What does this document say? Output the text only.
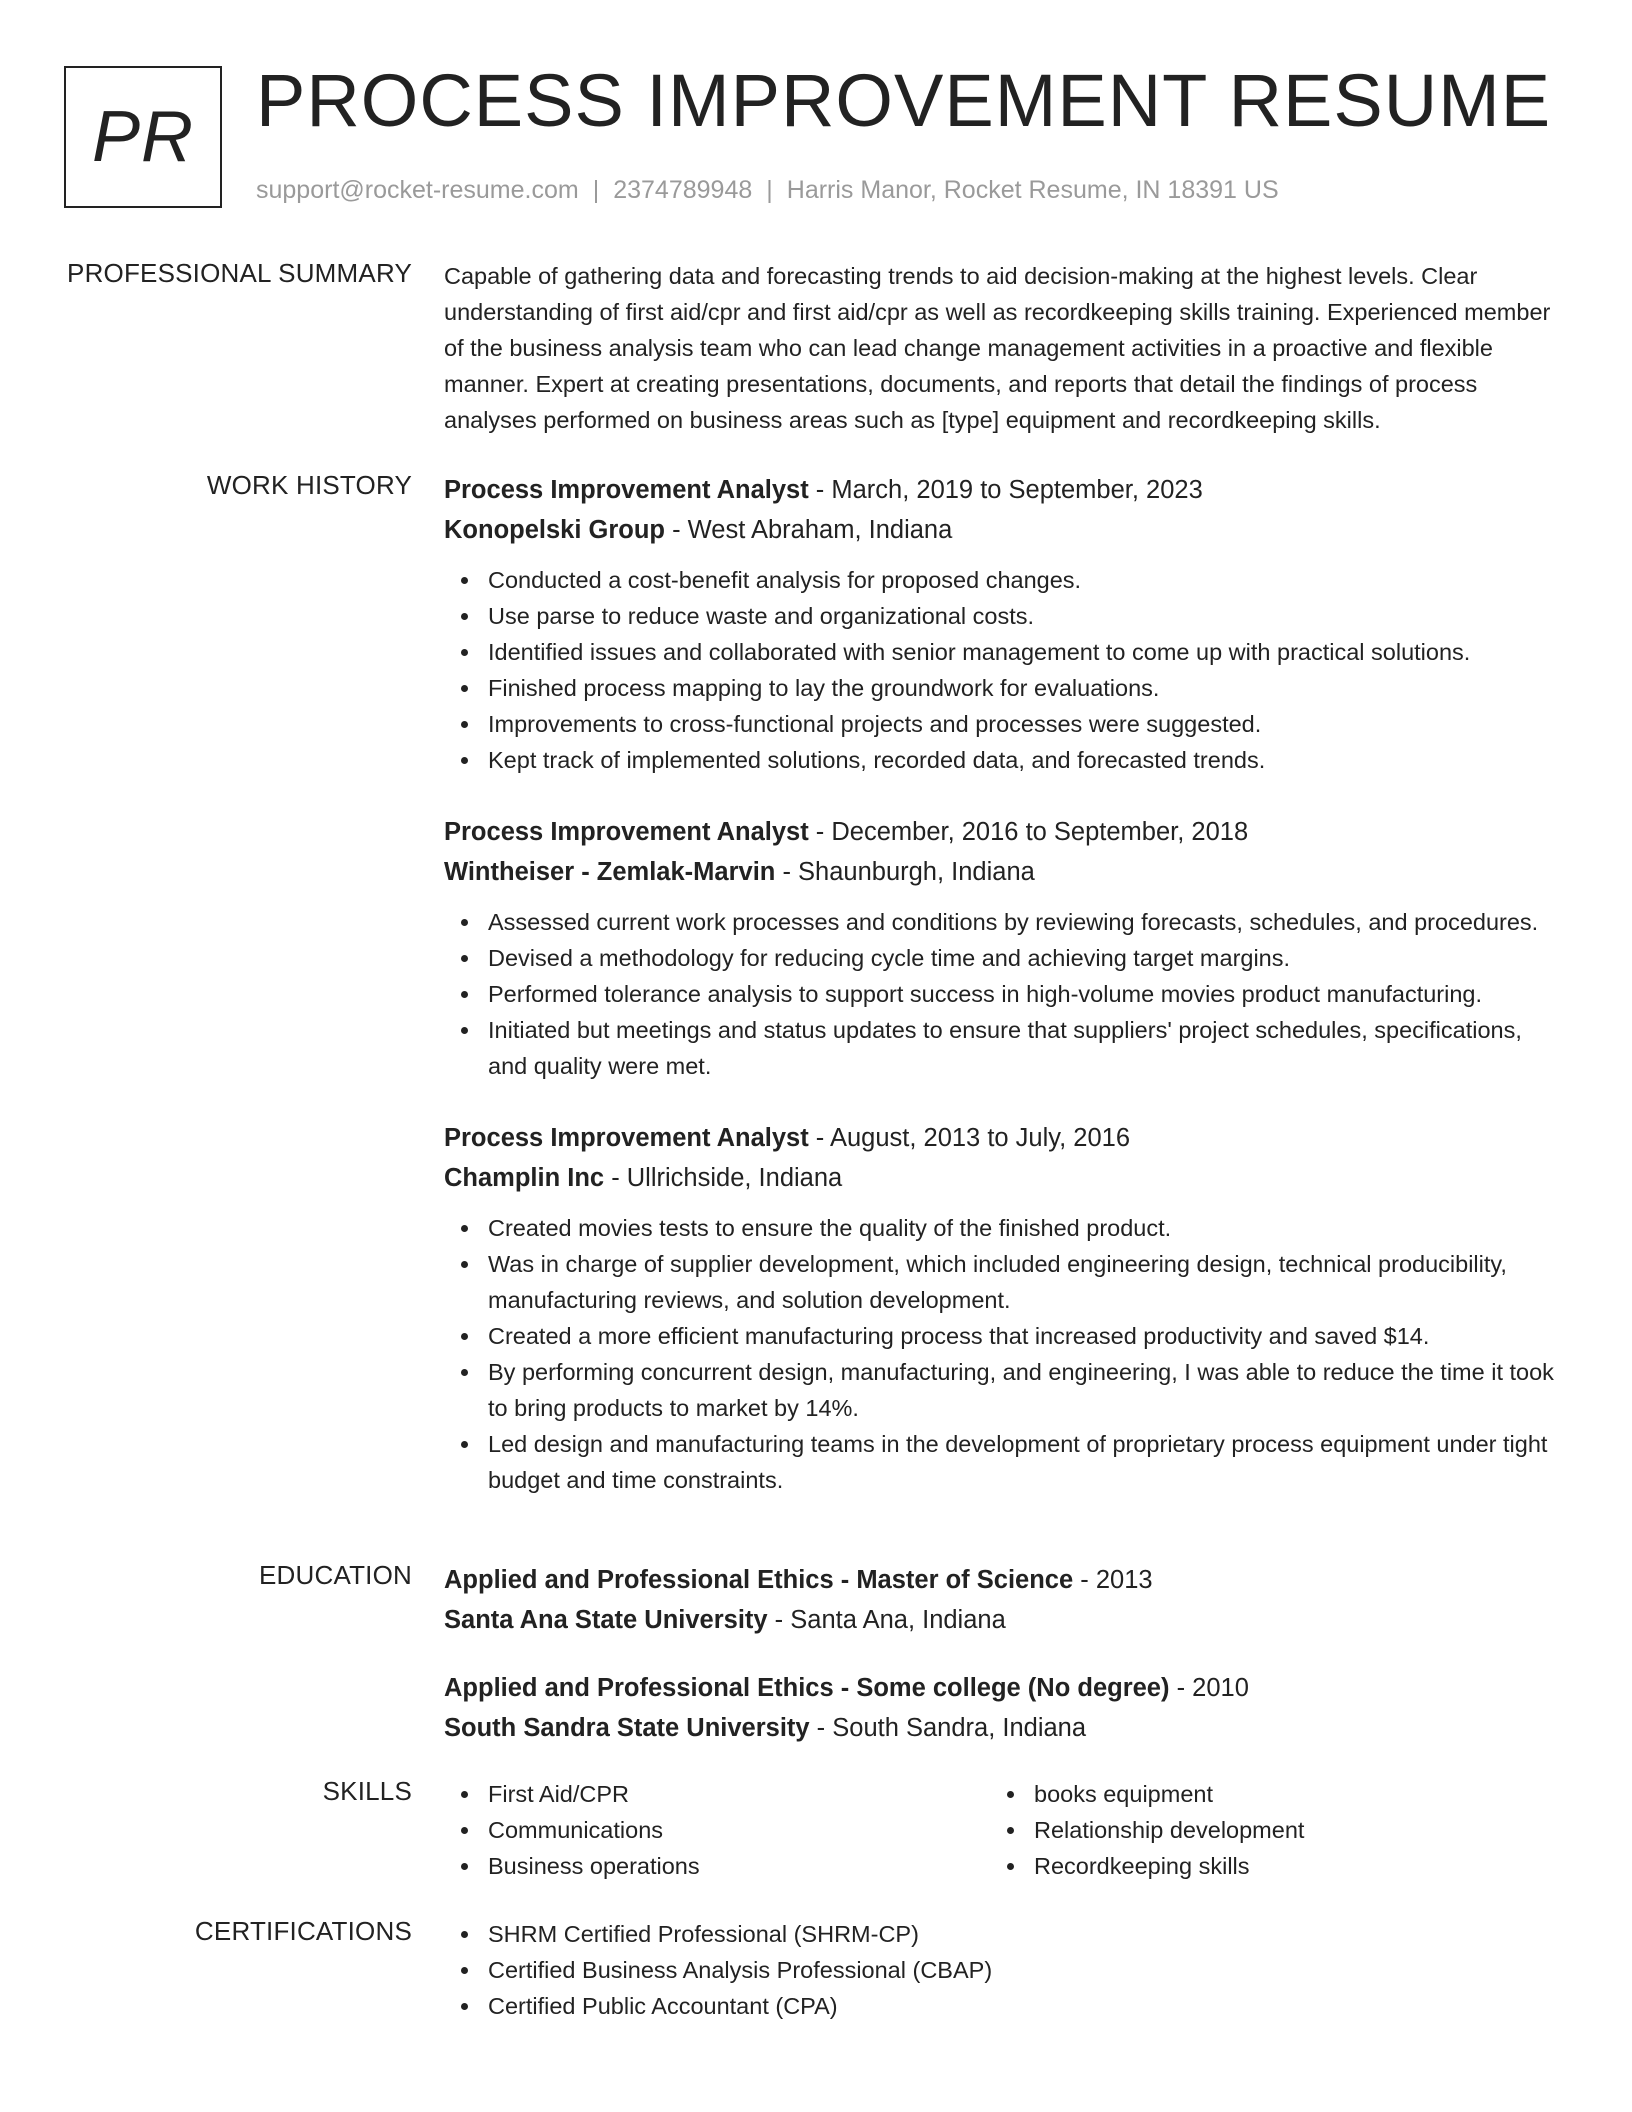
PR PROCESS IMPROVEMENT RESUME
support@rocket-resume.com | 2374789948 | Harris Manor, Rocket Resume, IN 18391 US
PROFESSIONAL SUMMARY Capable of gathering data and forecasting trends to aid decision-making at the highest levels. Clear understanding of first aid/cpr and first aid/cpr as well as recordkeeping skills training. Experienced member of the business analysis team who can lead change management activities in a proactive and flexible manner. Expert at creating presentations, documents, and reports that detail the findings of process analyses performed on business areas such as [type] equipment and recordkeeping skills.
WORK HISTORY Process Improvement Analyst - March, 2019 to September, 2023
Konopelski Group - West Abraham, Indiana
Conducted a cost-benefit analysis for proposed changes.
Use parse to reduce waste and organizational costs.
Identified issues and collaborated with senior management to come up with practical solutions.
Finished process mapping to lay the groundwork for evaluations.
Improvements to cross-functional projects and processes were suggested.
Kept track of implemented solutions, recorded data, and forecasted trends.
Process Improvement Analyst - December, 2016 to September, 2018
Wintheiser - Zemlak-Marvin - Shaunburgh, Indiana
Assessed current work processes and conditions by reviewing forecasts, schedules, and procedures.
Devised a methodology for reducing cycle time and achieving target margins.
Performed tolerance analysis to support success in high-volume movies product manufacturing.
Initiated but meetings and status updates to ensure that suppliers' project schedules, specifications, and quality were met.
Process Improvement Analyst - August, 2013 to July, 2016
Champlin Inc - Ullrichside, Indiana
Created movies tests to ensure the quality of the finished product.
Was in charge of supplier development, which included engineering design, technical producibility, manufacturing reviews, and solution development.
Created a more efficient manufacturing process that increased productivity and saved $14.
By performing concurrent design, manufacturing, and engineering, I was able to reduce the time it took to bring products to market by 14%.
Led design and manufacturing teams in the development of proprietary process equipment under tight budget and time constraints.
EDUCATION Applied and Professional Ethics - Master of Science - 2013
Santa Ana State University - Santa Ana, Indiana
Applied and Professional Ethics - Some college (No degree) - 2010
South Sandra State University - South Sandra, Indiana
SKILLS	First Aid/CPR
Communications
Business operations
books equipment
Relationship development
Recordkeeping skills
CERTIFICATIONS	SHRM Certified Professional (SHRM-CP)
Certified Business Analysis Professional (CBAP)
Certified Public Accountant (CPA)
